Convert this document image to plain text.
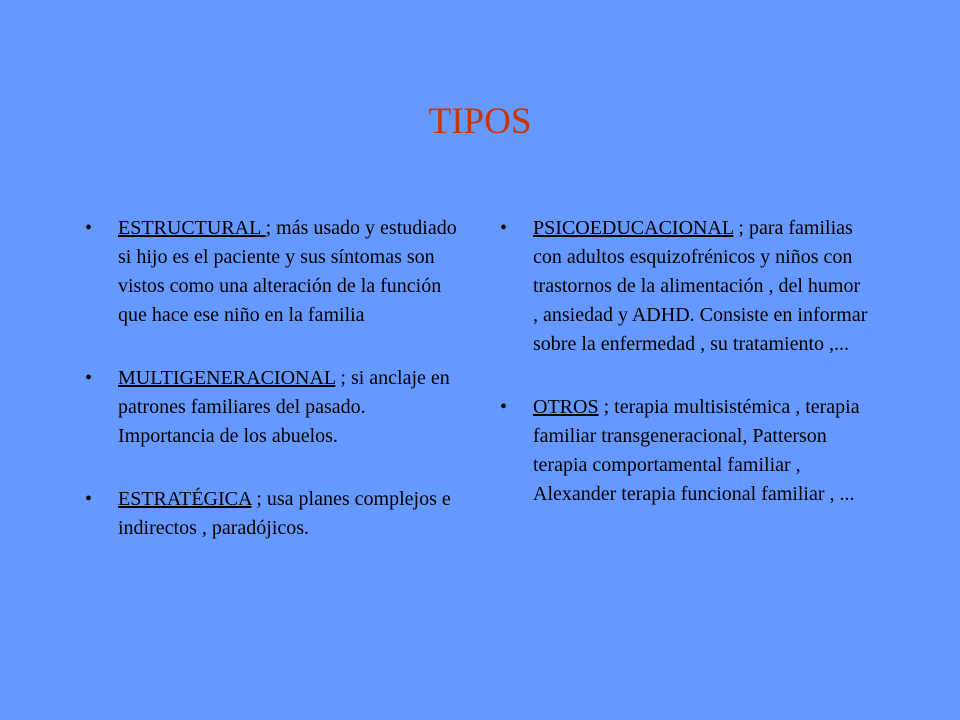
TIPOS
• ESTRUCTURAL ; más usado y estudiado si hijo es el paciente y sus síntomas son vistos como una alteración de la función que hace ese niño en la familia
• MULTIGENERACIONAL ; si anclaje en patrones familiares del pasado. Importancia de los abuelos.
• ESTRATÉGICA ; usa planes complejos e indirectos , paradójicos.
• PSICOEDUCACIONAL ; para familias con adultos esquizofrénicos y niños con trastornos de la alimentación , del humor , ansiedad y ADHD. Consiste en informar sobre la enfermedad , su tratamiento ,...
• OTROS ; terapia multisistémica , terapia familiar transgeneracional, Patterson terapia comportamental familiar , Alexander terapia funcional familiar , ...
